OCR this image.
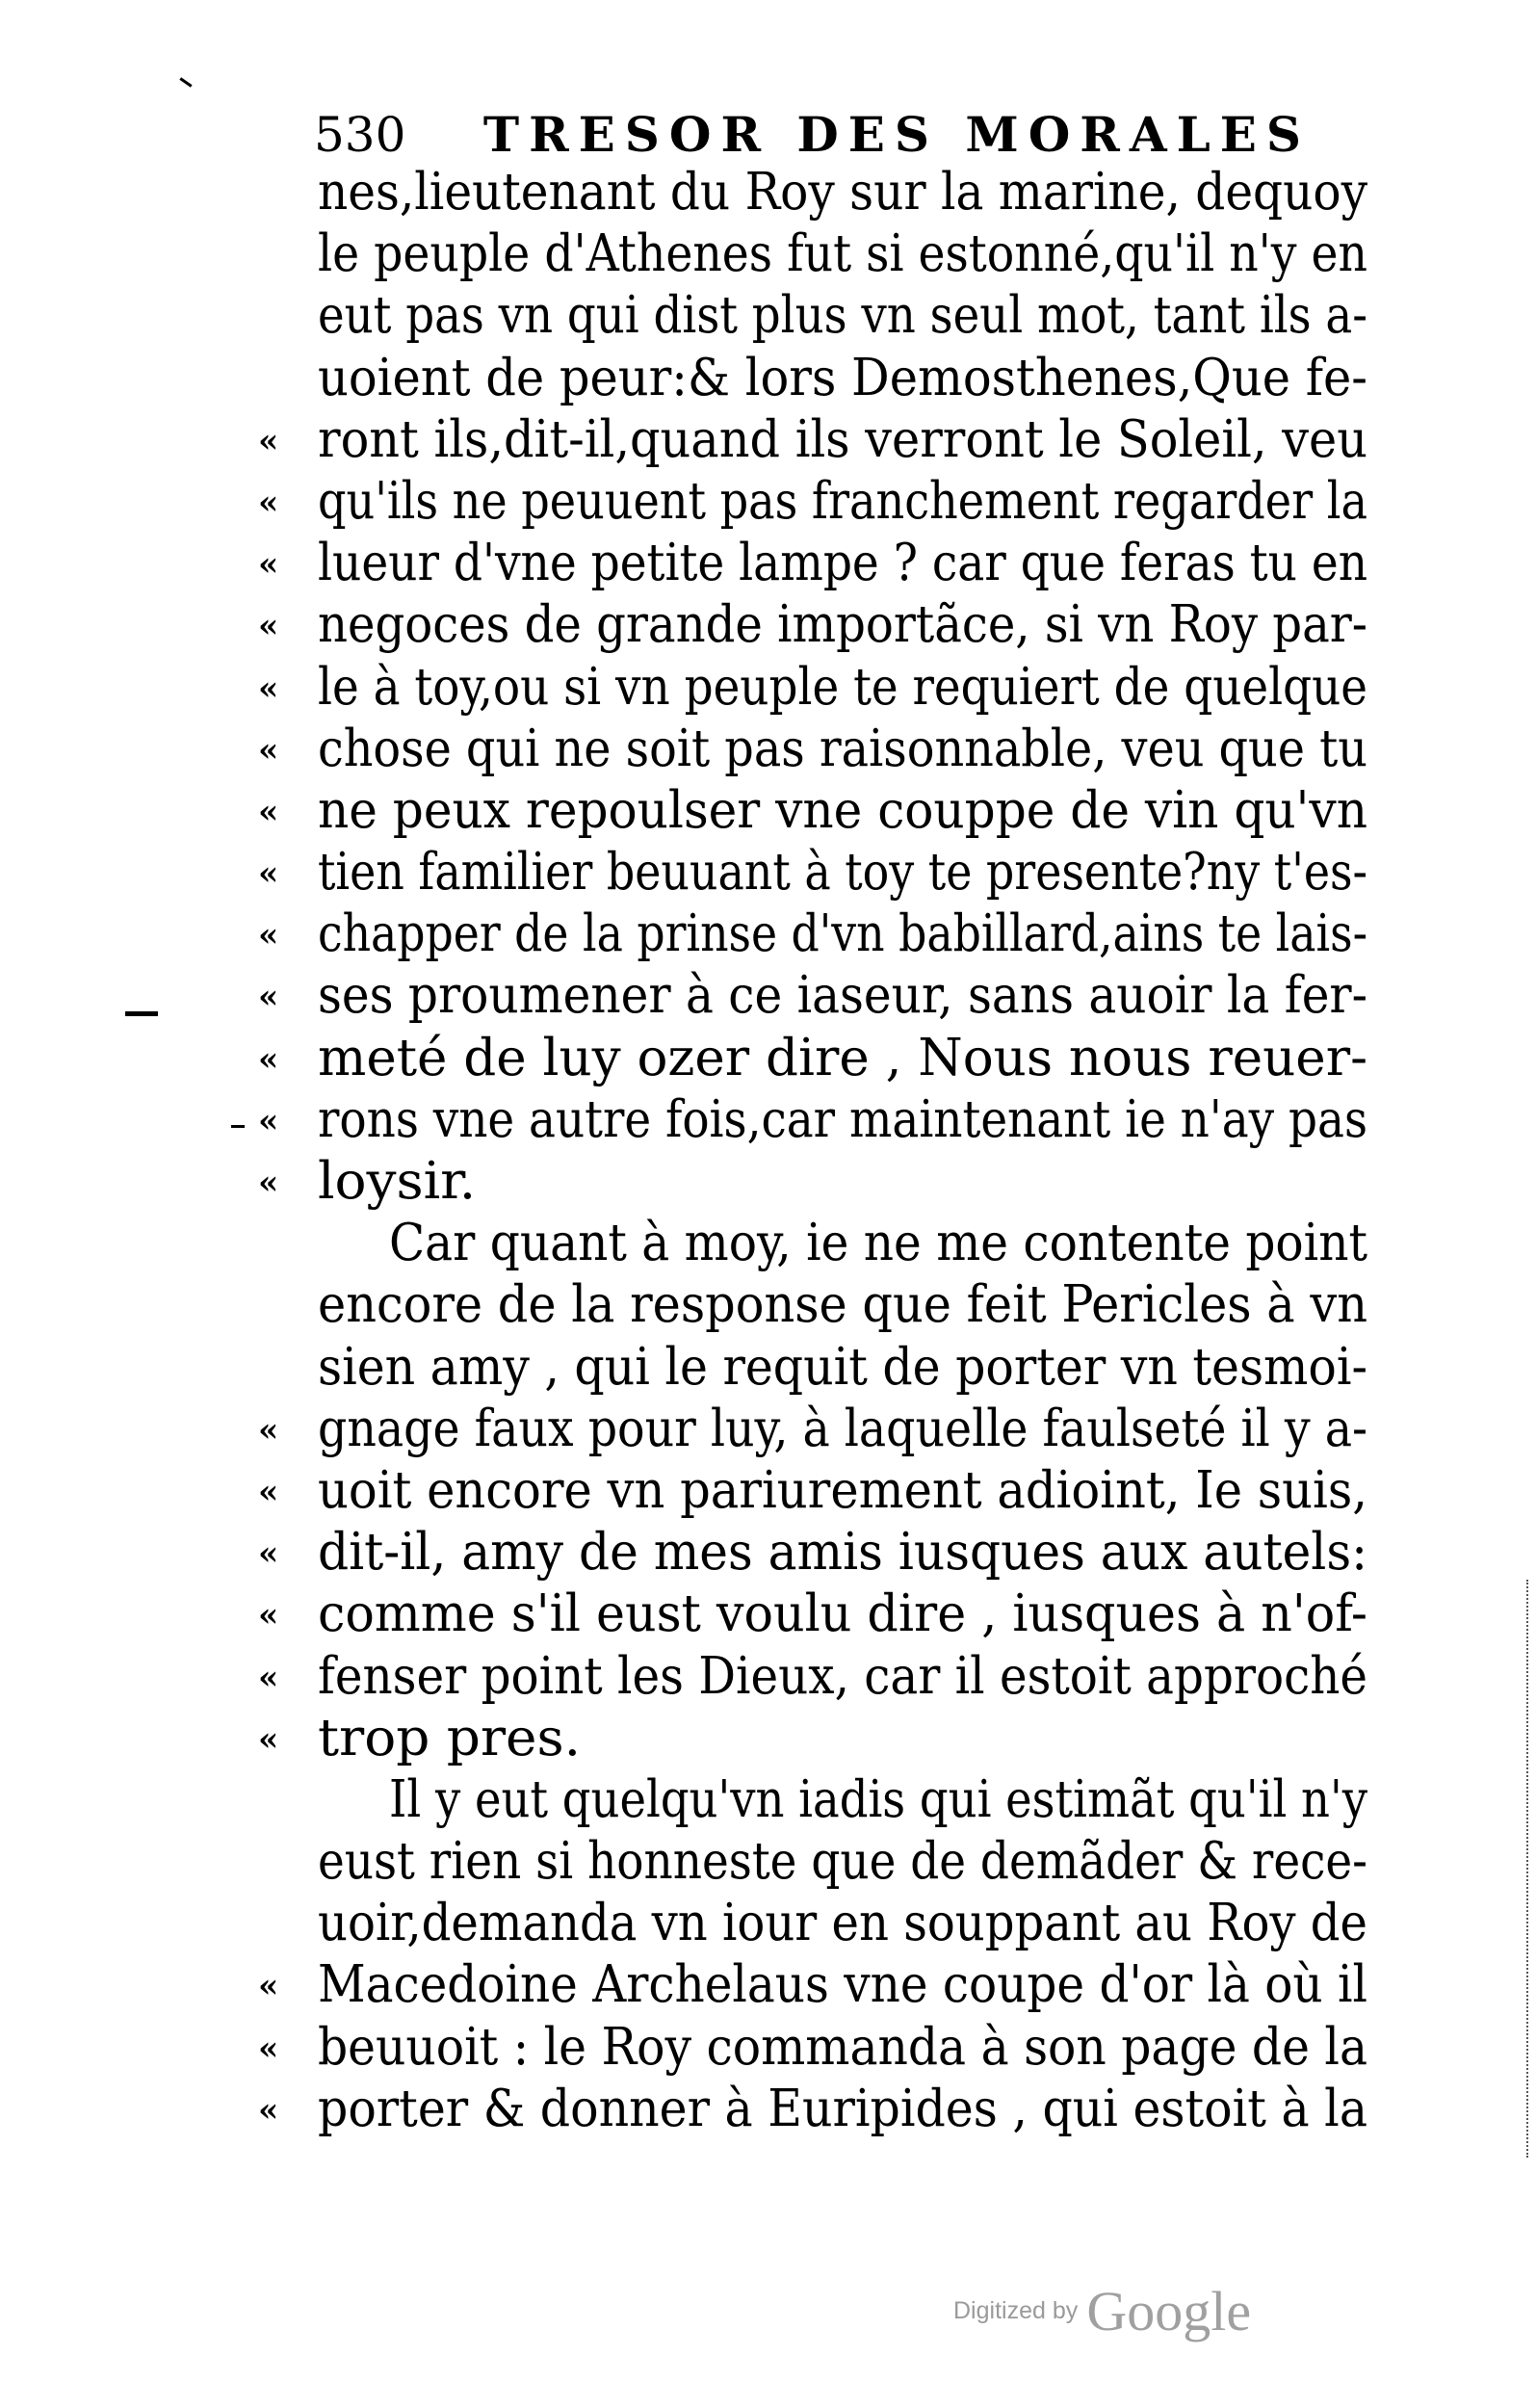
530 TRESOR DES MORALES
nes,lieutenant du Roy sur la marine, dequoy
le peuple d'Athenes fut si estonné,qu'il n'y en
eut pas vn qui dist plus vn seul mot, tant ils a-
uoient de peur:& lors Demosthenes,Que fe-
« ront ils,dit-il,quand ils verront le Soleil, veu
« qu'ils ne peuuent pas franchement regarder la
« lueur d'vne petite lampe ? car que feras tu en
« negoces de grande importãce, si vn Roy par-
« le à toy,ou si vn peuple te requiert de quelque
« chose qui ne soit pas raisonnable, veu que tu
« ne peux repoulser vne couppe de vin qu'vn
« tien familier beuuant à toy te presente?ny t'es-
« chapper de la prinse d'vn babillard,ains te lais-
« ses proumener à ce iaseur, sans auoir la fer-
« meté de luy ozer dire , Nous nous reuer-
« rons vne autre fois,car maintenant ie n'ay pas
« loysir.
Car quant à moy, ie ne me contente point
encore de la response que feit Pericles à vn
sien amy , qui le requit de porter vn tesmoi-
« gnage faux pour luy, à laquelle faulseté il y a-
« uoit encore vn pariurement adioint, Ie suis,
« dit-il, amy de mes amis iusques aux autels:
« comme s'il eust voulu dire , iusques à n'of-
« fenser point les Dieux, car il estoit approché
« trop pres.
Il y eut quelqu'vn iadis qui estimãt qu'il n'y
eust rien si honneste que de demãder & rece-
uoir,demanda vn iour en souppant au Roy de
« Macedoine Archelaus vne coupe d'or là où il
« beuuoit : le Roy commanda à son page de la
« porter & donner à Euripides , qui estoit à la
Digitized by Google
